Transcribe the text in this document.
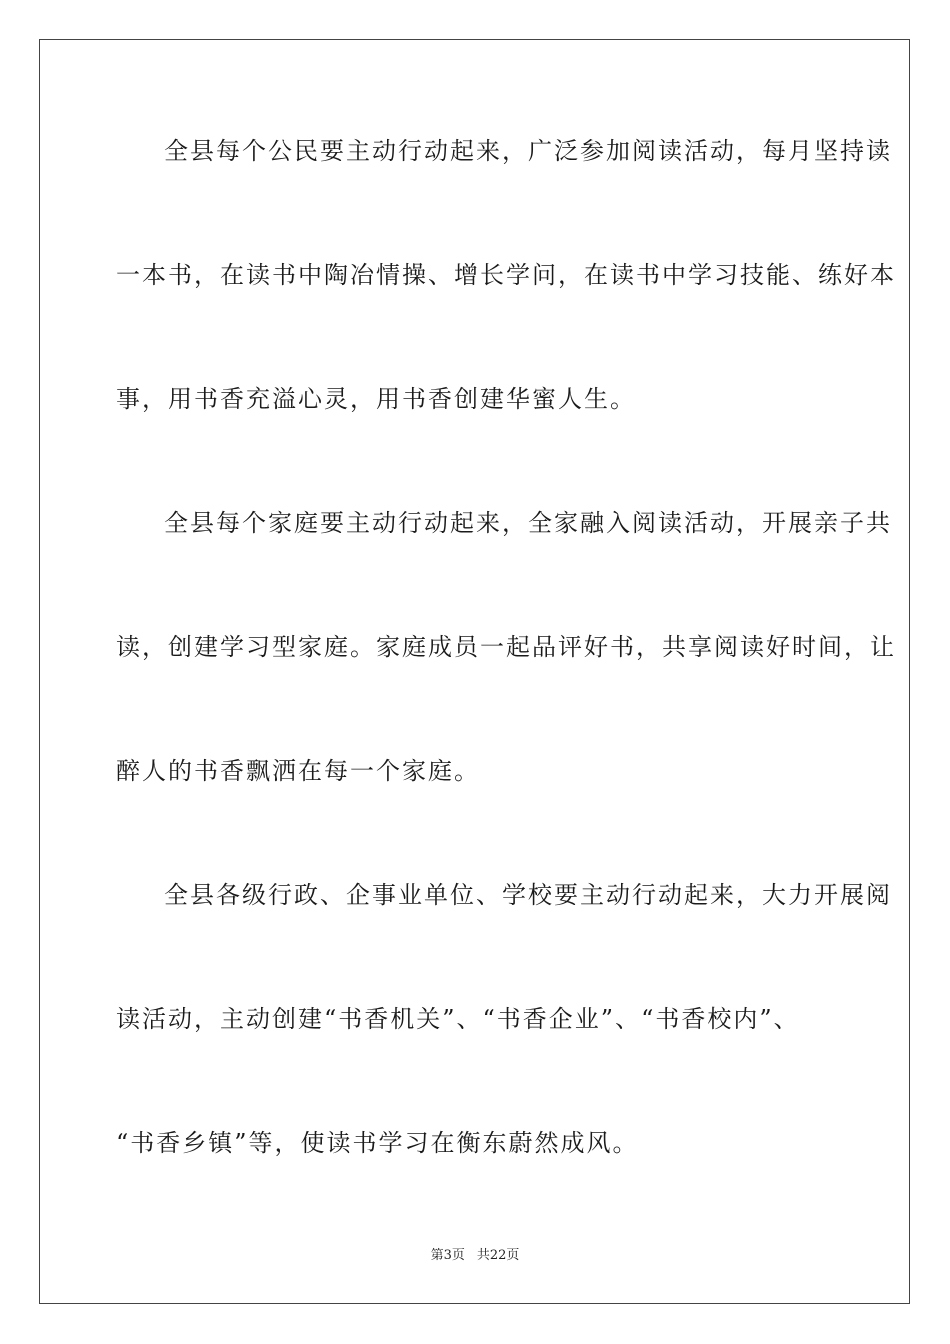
全县每个公民要主动行动起来，广泛参加阅读活动，每月坚持读
一本书，在读书中陶冶情操、增长学问，在读书中学习技能、练好本
事，用书香充溢心灵，用书香创建华蜜人生。
全县每个家庭要主动行动起来，全家融入阅读活动，开展亲子共
读，创建学习型家庭。家庭成员一起品评好书，共享阅读好时间，让
醉人的书香飘洒在每一个家庭。
全县各级行政、企事业单位、学校要主动行动起来，大力开展阅
读活动，主动创建“书香机关”、“书香企业”、“书香校内”、
“书香乡镇”等，使读书学习在衡东蔚然成风。
第3页 共22页
